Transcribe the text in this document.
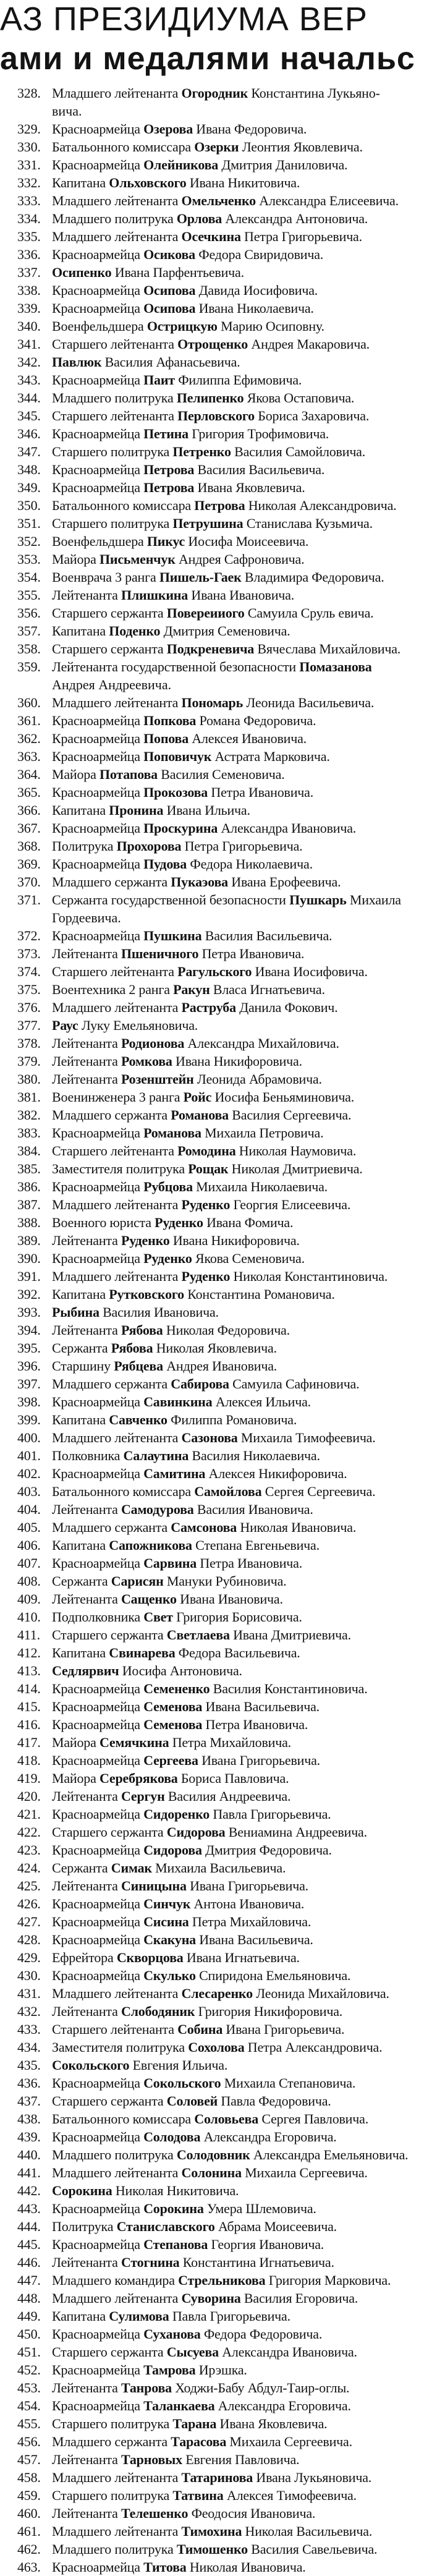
АЗ ПРЕЗИДИУМА ВЕР
ами и медалями начальс
328. Младшего лейтенанта Огородник Константина Лукьяно-
вича.
329. Красноармейца Озерова Ивана Федоровича.
330. Батальонного комиссара Озерки Леонтия Яковлевича.
331. Красноармейца Олейникова Дмитрия Даниловича.
332. Капитана Ольховского Ивана Никитовича.
333. Младшего лейтенанта Омельченко Александра Елисеевича.
334. Младшего политрука Орлова Александра Антоновича.
335. Младшего лейтенанта Осечкина Петра Григорьевича.
336. Красноармейца Осикова Федора Свиридовича.
337. Осипенко Ивана Парфентьевича.
338. Красноармейца Осипова Давида Иосифовича.
339. Красноармейца Осипова Ивана Николаевича.
340. Военфельдшера Острицкую Марию Осиповну.
341. Старшего лейтенанта Отрощенко Андрея Макаровича.
342. Павлюк Василия Афанасьевича.
343. Красноармейца Паит Филиппа Ефимовича.
344. Младшего политрука Пелипенко Якова Остаповича.
345. Старшего лейтенанта Перловского Бориса Захаровича.
346. Красноармейца Петина Григория Трофимовича.
347. Старшего политрука Петренко Василия Самойловича.
348. Красноармейца Петрова Василия Васильевича.
349. Красноармейца Петрова Ивана Яковлевича.
350. Батальонного комиссара Петрова Николая Александровича.
351. Старшего политрука Петрушина Станислава Кузьмича.
352. Военфельдшера Пикус Иосифа Моисеевича.
353. Майора Письменчук Андрея Сафроновича.
354. Военврача 3 ранга Пишель-Гаек Владимира Федоровича.
355. Лейтенанта Плишкина Ивана Ивановича.
356. Старшего сержанта Повереииого Самуила Сруль евича.
357. Капитана Поденко Дмитрия Семеновича.
358. Старшего сержанта Подкреневича Вячеслава Михайловича.
359. Лейтенанта государственной безопасности Помазанова
Андрея Андреевича.
360. Младшего лейтенанта Пономарь Леонида Васильевича.
361. Красноармейца Попкова Романа Федоровича.
362. Красноармейца Попова Алексея Ивановича.
363. Красноармейца Поповичук Астрата Марковича.
364. Майора Потапова Василия Семеновича.
365. Красноармейца Прокозова Петра Ивановича.
366. Капитана Пронина Ивана Ильича.
367. Красноармейца Проскурина Александра Ивановича.
368. Политрука Прохорова Петра Григорьевича.
369. Красноармейца Пудова Федора Николаевича.
370. Младшего сержанта Пукаэова Ивана Ерофеевича.
371. Сержанта государственной безопасности Пушкарь Михаила
Гордеевича.
372. Красноармейца Пушкина Василия Васильевича.
373. Лейтенанта Пшеничного Петра Ивановича.
374. Старшего лейтенанта Рагульского Ивана Иосифовича.
375. Воентехника 2 ранга Ракун Власа Игнатьевича.
376. Младшего лейтенанта Раструба Данила Фокович.
377. Раус Луку Емельяновича.
378. Лейтенанта Родионова Александра Михайловича.
379. Лейтенанта Ромкова Ивана Никифоровича.
380. Лейтенанта Розенштейн Леонида Абрамовича.
381. Военинженера 3 ранга Ройс Иосифа Беньяминовича.
382. Младшего сержанта Романова Василия Сергеевича.
383. Красноармейца Романова Михаила Петровича.
384. Старшего лейтенанта Ромодина Николая Наумовича.
385. Заместителя политрука Рощак Николая Дмитриевича.
386. Красноармейца Рубцова Михаила Николаевича.
387. Младшего лейтенанта Руденко Георгия Елисеевича.
388. Военного юриста Руденко Ивана Фомича.
389. Лейтенанта Руденко Ивана Никифоровича.
390. Красноармейца Руденко Якова Семеновича.
391. Младшего лейтенанта Руденко Николая Константиновича.
392. Капитана Рутковского Константина Романовича.
393. Рыбина Василия Ивановича.
394. Лейтенанта Рябова Николая Федоровича.
395. Сержанта Рябова Николая Яковлевича.
396. Старшину Рябцева Андрея Ивановича.
397. Младшего сержанта Сабирова Самуила Сафиновича.
398. Красноармейца Савинкина Алексея Ильича.
399. Капитана Савченко Филиппа Романовича.
400. Младшего лейтенанта Сазонова Михаила Тимофеевича.
401. Полковника Салаутина Василия Николаевича.
402. Красноармейца Самитина Алексея Никифоровича.
403. Батальонного комиссара Самойлова Сергея Сергеевича.
404. Лейтенанта Самодурова Василия Ивановича.
405. Младшего сержанта Самсонова Николая Ивановича.
406. Капитана Сапожникова Степана Евгеньевича.
407. Красноармейца Сарвина Петра Ивановича.
408. Сержанта Сарисян Мануки Рубиновича.
409. Лейтенанта Сащенко Ивана Ивановича.
410. Подполковника Свет Григория Борисовича.
411. Старшего сержанта Светлаева Ивана Дмитриевича.
412. Капитана Свинарева Федора Васильевича.
413. Седлярвич Иосифа Антоновича.
414. Красноармейца Семененко Василия Константиновича.
415. Красноармейца Семенова Ивана Васильевича.
416. Красноармейца Семенова Петра Ивановича.
417. Майора Семячкина Петра Михайловича.
418. Красноармейца Сергеева Ивана Григорьевича.
419. Майора Серебрякова Бориса Павловича.
420. Лейтенанта Сергун Василия Андреевича.
421. Красноармейца Сидоренко Павла Григорьевича.
422. Старшего сержанта Сидорова Вениамина Андреевича.
423. Красноармейца Сидорова Дмитрия Федоровича.
424. Сержанта Симак Михаила Васильевича.
425. Лейтенанта Синицына Ивана Григорьевича.
426. Красноармейца Синчук Антона Ивановича.
427. Красноармейца Сисина Петра Михайловича.
428. Красноармейца Скакуна Ивана Васильевича.
429. Ефрейтора Скворцова Ивана Игнатьевича.
430. Красноармейца Скулько Спиридона Емельяновича.
431. Младшего лейтенанта Слесаренко Леонида Михайловича.
432. Лейтенанта Слободяник Григория Никифоровича.
433. Старшего лейтенанта Собина Ивана Григорьевича.
434. Заместителя политрука Сохолова Петра Александровича.
435. Сокольского Евгения Ильича.
436. Красноармейца Сокольского Михаила Степановича.
437. Старшего сержанта Соловей Павла Федоровича.
438. Батальонного комиссара Соловьева Сергея Павловича.
439. Красноармейца Солодова Александра Егоровича.
440. Младшего политрука Солодовник Александра Емельяновича.
441. Младшего лейтенанта Солонина Михаила Сергеевича.
442. Сорокина Николая Никитовича.
443. Красноармейца Сорокина Умера Шлемовича.
444. Политрука Станиславского Абрама Моисеевича.
445. Красноармейца Степанова Георгия Ивановича.
446. Лейтенанта Стогнина Константина Игнатьевича.
447. Младшего командира Стрельникова Григория Марковича.
448. Младшего лейтенанта Суворина Василия Егоровича.
449. Капитана Сулимова Павла Григорьевича.
450. Красноармейца Суханова Федора Федоровича.
451. Старшего сержанта Сысуева Александра Ивановича.
452. Красноармейца Тамрова Ирэшка.
453. Лейтенанта Танрова Ходжи-Бабу Абдул-Таир-оглы.
454. Красноармейца Таланкаева Александра Егоровича.
455. Старшего политрука Тарана Ивана Яковлевича.
456. Младшего сержанта Тарасова Михаила Сергеевича.
457. Лейтенанта Тарновых Евгения Павловича.
458. Младшего лейтенанта Татаринова Ивана Лукьяновича.
459. Старшего политрука Татвина Алексея Тимофеевича.
460. Лейтенанта Телешенко Феодосия Ивановича.
461. Младшего лейтенанта Тимохина Николая Васильевича.
462. Младшего политрука Тимошенко Василия Савельевича.
463. Красноармейца Титова Николая Ивановича.
